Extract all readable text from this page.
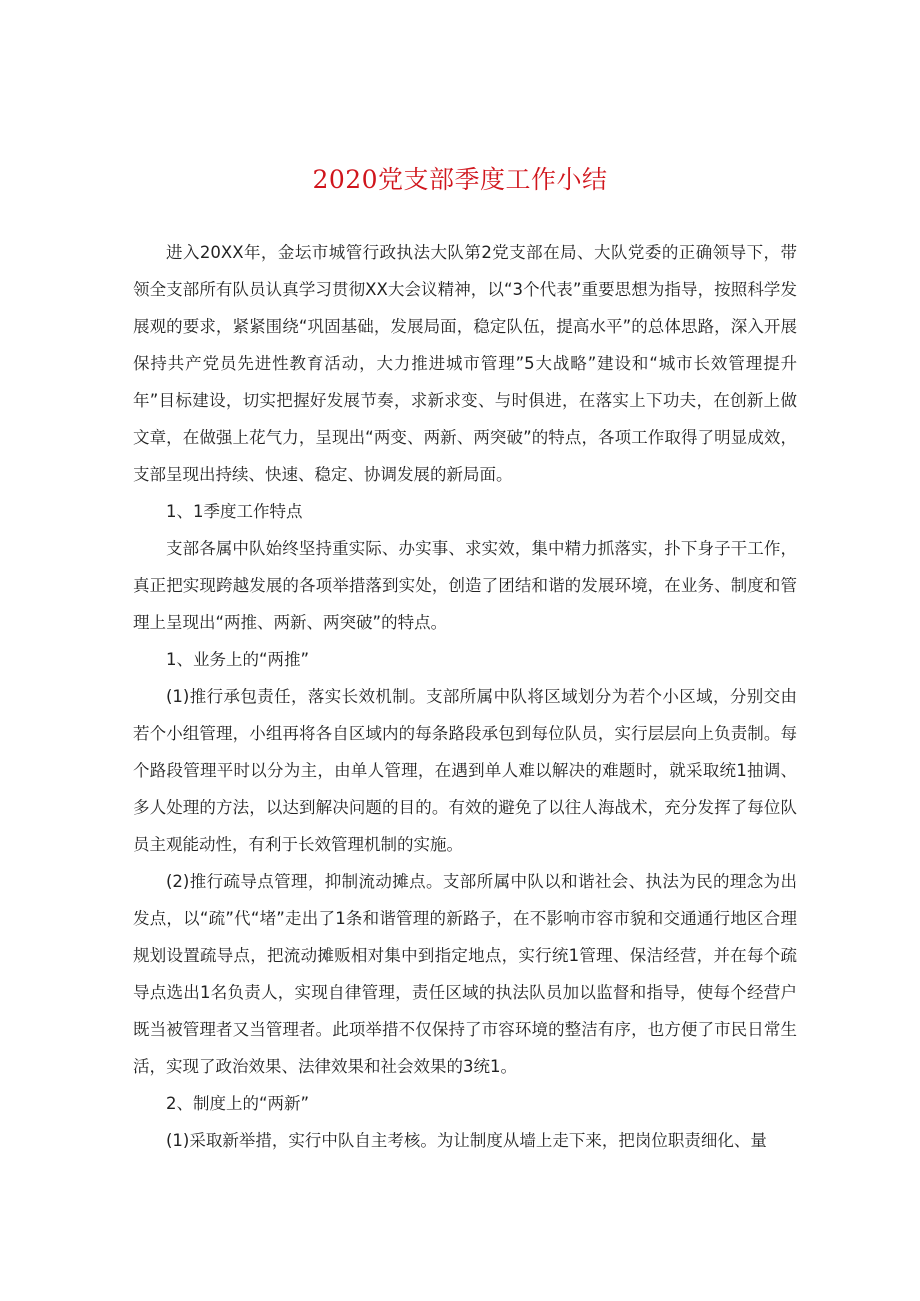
2020党支部季度工作小结

进入20XX年，金坛市城管行政执法大队第2党支部在局、大队党委的正确领导下，带领全支部所有队员认真学习贯彻XX大会议精神，以“3个代表”重要思想为指导，按照科学发展观的要求，紧紧围绕“巩固基础，发展局面，稳定队伍，提高水平”的总体思路，深入开展保持共产党员先进性教育活动，大力推进城市管理”5大战略”建设和“城市长效管理提升年”目标建设，切实把握好发展节奏，求新求变、与时俱进，在落实上下功夫，在创新上做文章，在做强上花气力，呈现出“两变、两新、两突破”的特点，各项工作取得了明显成效，支部呈现出持续、快速、稳定、协调发展的新局面。

1、1季度工作特点

支部各属中队始终坚持重实际、办实事、求实效，集中精力抓落实，扑下身子干工作，真正把实现跨越发展的各项举措落到实处，创造了团结和谐的发展环境，在业务、制度和管理上呈现出“两推、两新、两突破”的特点。

1、业务上的“两推”

(1)推行承包责任，落实长效机制。支部所属中队将区域划分为若个小区域，分别交由若个小组管理，小组再将各自区域内的每条路段承包到每位队员，实行层层向上负责制。每个路段管理平时以分为主，由单人管理，在遇到单人难以解决的难题时，就采取统1抽调、多人处理的方法，以达到解决问题的目的。有效的避免了以往人海战术，充分发挥了每位队员主观能动性，有利于长效管理机制的实施。

(2)推行疏导点管理，抑制流动摊点。支部所属中队以和谐社会、执法为民的理念为出发点，以“疏”代“堵”走出了1条和谐管理的新路子，在不影响市容市貌和交通通行地区合理规划设置疏导点，把流动摊贩相对集中到指定地点，实行统1管理、保洁经营，并在每个疏导点选出1名负责人，实现自律管理，责任区域的执法队员加以监督和指导，使每个经营户既当被管理者又当管理者。此项举措不仅保持了市容环境的整洁有序，也方便了市民日常生活，实现了政治效果、法律效果和社会效果的3统1。

2、制度上的“两新”

(1)采取新举措，实行中队自主考核。为让制度从墙上走下来，把岗位职责细化、量
